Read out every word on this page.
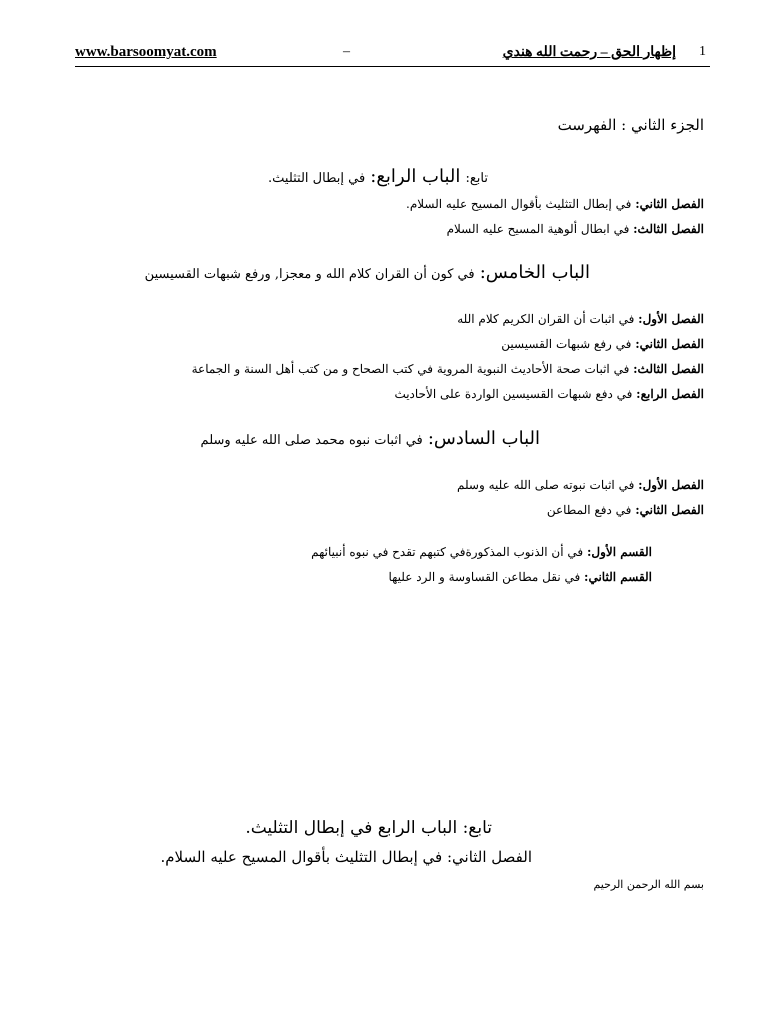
www.barsoomyat.com	–	إظهار الحق – رحمت الله هندي 1
الجزء الثاني : الفهرست
تابع: الباب الرابع: في إبطال التثليث.
الفصل الثاني: في إبطال التثليث بأقوال المسيح عليه السلام.
الفصل الثالث: في ابطال ألوهية المسيح عليه السلام
الباب الخامس: في كون أن القران كلام الله و معجزا, ورفع شبهات القسيسين
الفصل الأول: في اثبات أن القران الكريم كلام الله
الفصل الثاني: في رفع شبهات القسيسين
الفصل الثالث: في اثبات صحة الأحاديث النبوية المروية في كتب الصحاح و من كتب أهل السنة و الجماعة
الفصل الرابع: في دفع شبهات القسيسين الواردة على الأحاديث
الباب السادس: في اثبات نبوه محمد صلى الله عليه وسلم
الفصل الأول: في اثبات نبوته صلى الله عليه وسلم
الفصل الثاني: في دفع المطاعن
القسم الأول: في أن الذنوب المذكورةفي كتبهم تقدح في نبوه أنبيائهم
القسم الثاني: في نقل مطاعن القساوسة و الرد عليها
تابع: الباب الرابع في إبطال التثليث.
الفصل الثاني: في إبطال التثليث بأقوال المسيح عليه السلام.
بسم الله الرحمن الرحيم
